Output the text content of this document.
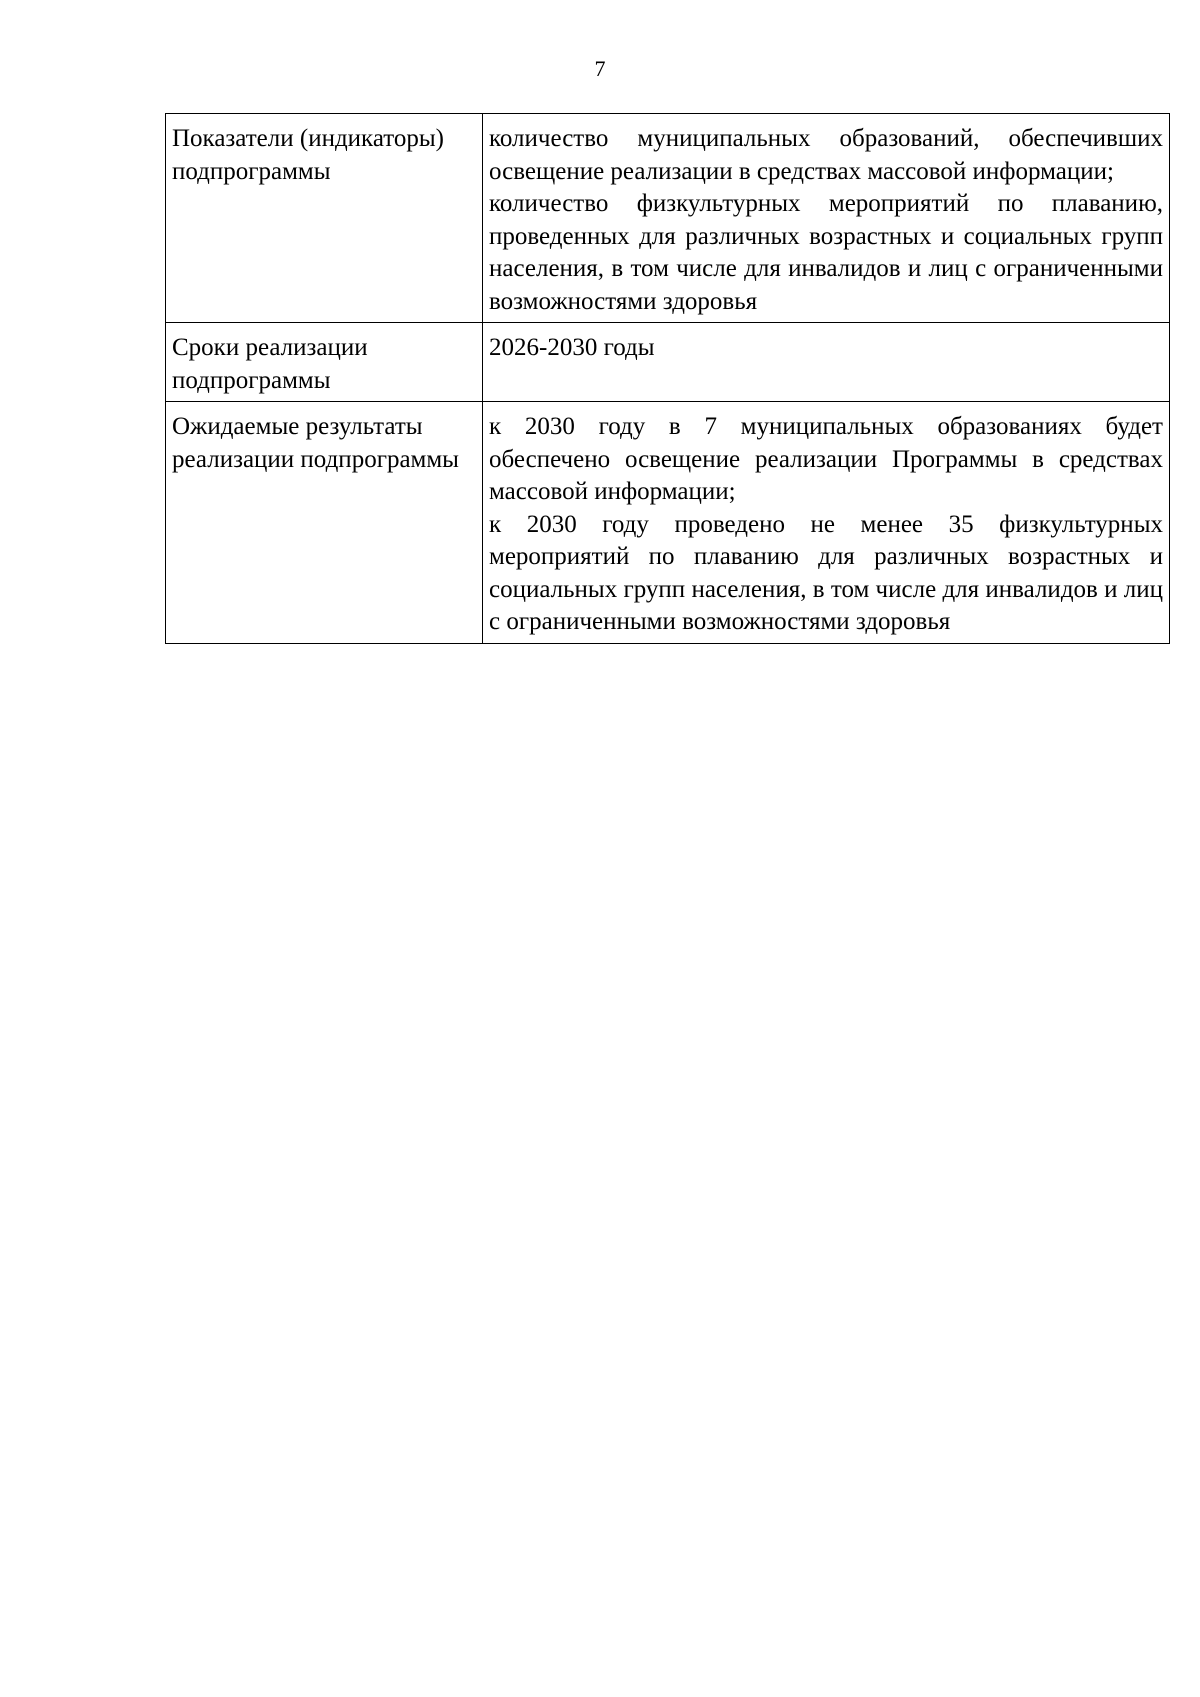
7
Показатели (индикаторы) подпрограммы	количество муниципальных образований, обеспечивших освещение реализации в средствах массовой информации;
количество физкультурных мероприятий по плаванию, проведенных для различных возрастных и социальных групп населения, в том числе для инвалидов и лиц с ограниченными возможностями здоровья

Сроки реализации подпрограммы	2026-2030 годы

Ожидаемые результаты реализации подпрограммы	к 2030 году в 7 муниципальных образованиях будет обеспечено освещение реализации Программы в средствах массовой информации;
к 2030 году проведено не менее 35 физкультурных мероприятий по плаванию для различных возрастных и социальных групп населения, в том числе для инвалидов и лиц с ограниченными возможностями здоровья
